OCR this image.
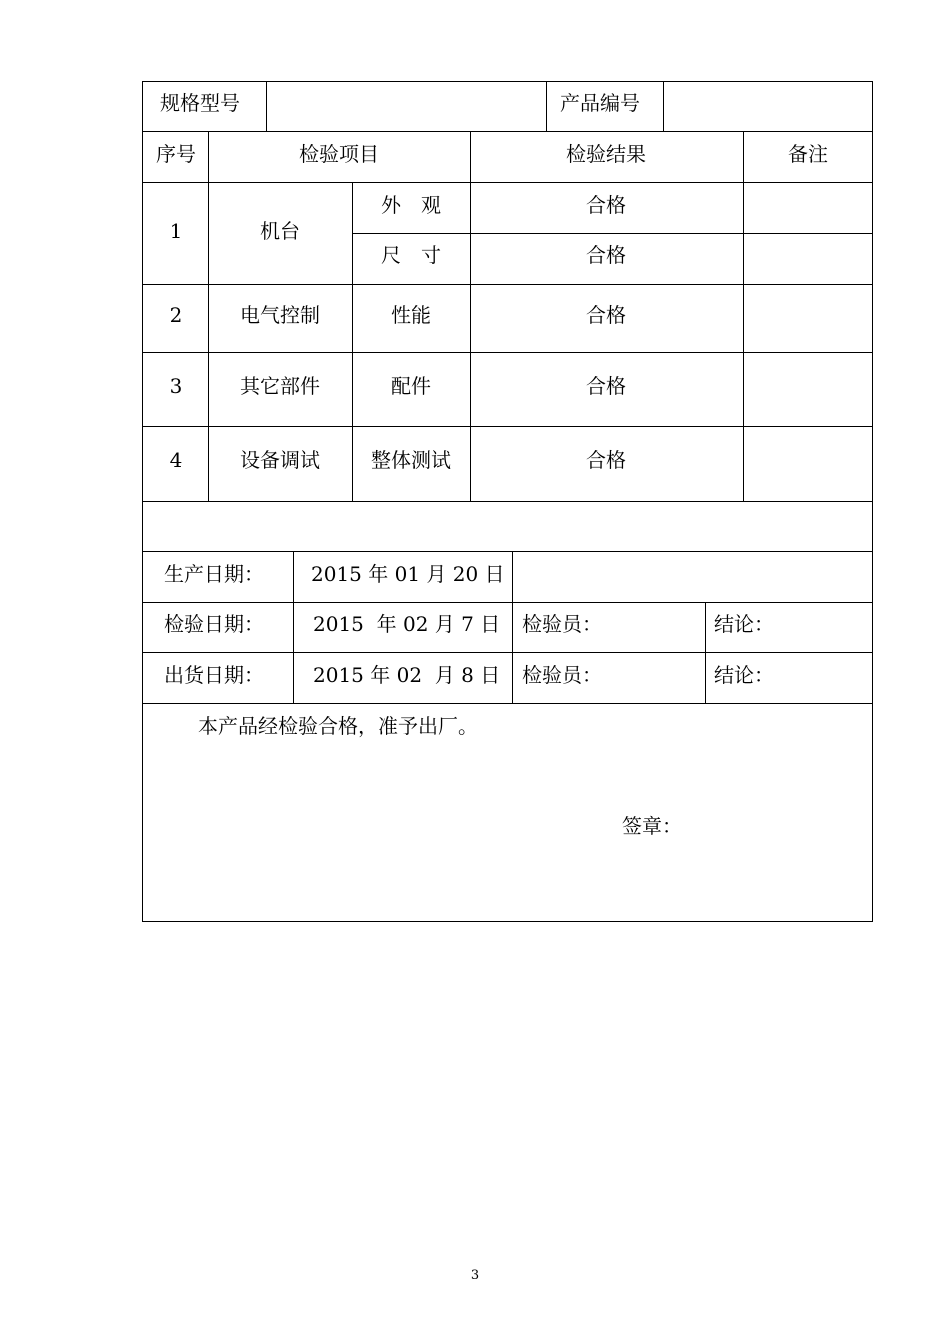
规格型号	产品编号
序号	检验项目	检验结果	备注
1	机台
外　观	合格
尺　寸	合格
2	电气控制	性能	合格
3	其它部件	配件	合格
4	设备调试	整体测试	合格
生产日期： 2015 年 01 月 20 日
检验日期： 2015  年 02 月 7 日 检验员：	结论：
出货日期： 2015 年 02  月 8 日 检验员：	结论：
本产品经检验合格，准予出厂。
签章：
3
